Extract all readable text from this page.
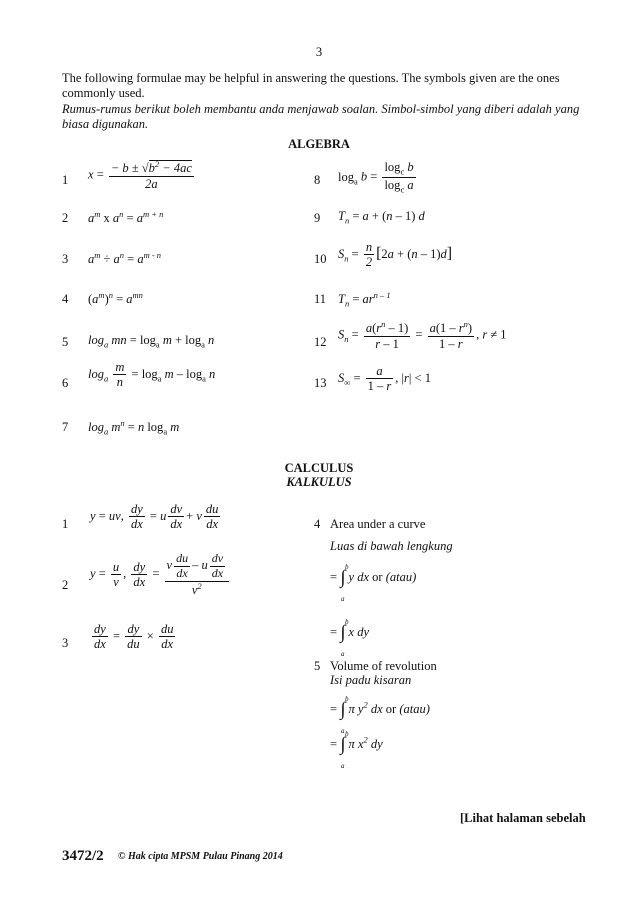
3
The following formulae may be helpful in answering the questions. The symbols given are the ones commonly used.
Rumus-rumus berikut boleh membantu anda menjawab soalan. Simbol-simbol yang diberi adalah yang biasa digunakan.
ALGEBRA
1
2
3
4
5
6
7
8
9
10
11
12
13
$x = \frac{- b \pm √b^2 - 4ac}{2a}$
$a^m$ x $a^n = a^{m + n}$
$a^m \div a^n = a^{m - n}$
$(a^m)^n = a^{mn}$
$\log_a$ mn = $\log_a m + \log_a n$
$\log_a \frac{m}{n} = \log_a m - \log_a n$
$\log_a m^n = n$ $\log_a m$
$\log_a b = \frac{\log_c b}{\log_c a}$
$T_n = a + (n - 1)$ d
$S_n = \frac{n}{2} [2a + (n - 1)d]$
$T_n = ar^{n - 1}$
$S_n = \frac{a(r^n - 1)}{r - 1} = \frac{a(1 - r^n)}{1 - r}$ , r ≠ 1
$S_\infty = \frac{a}{1 - r}$ , |r| < 1
CALCULUS
KALKULUS
1
2
3
4
5
y = uv, $\frac{dy}{dx} = u \frac{dv}{dx} + v \frac{du}{dx}$
$y = \frac{u}{v}$ , $\frac{dy}{dx} = \frac{v \frac{du}{dx} - u \frac{dv}{dx}}{v^2}$
$\frac{dy}{dx} = \frac{dy}{du} \times \frac{du}{dx}$
Area under a curve
Luas di bawah lengkung
= ∫ y dx or (atau)
b
a
= ∫ x dy
b
a
Volume of revolution
Isi padu kisaran
= ∫ π $y^2$ dx or (atau)
b
a
= ∫ π $x^2$ dy
b
a
[Lihat halaman sebelah
3472/2 © Hak cipta MPSM Pulau Pinang 2014
